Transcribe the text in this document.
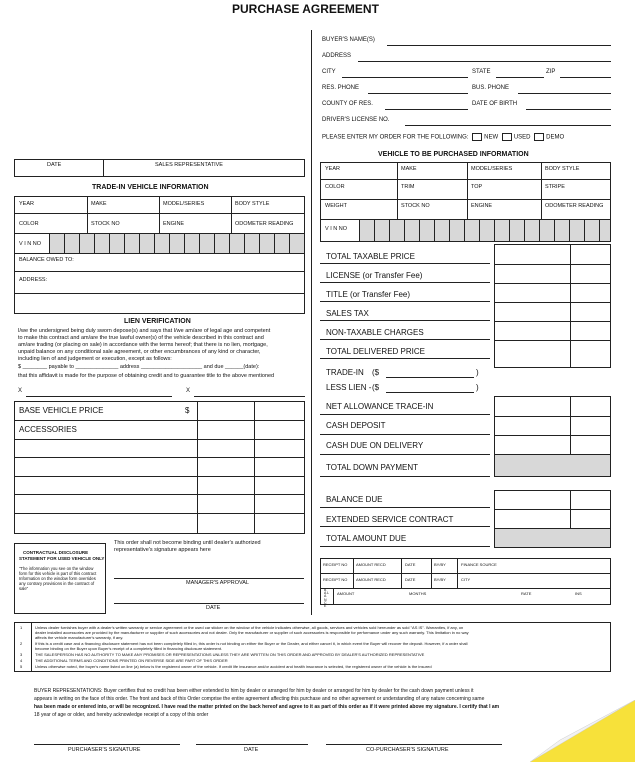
PURCHASE AGREEMENT
BUYER'S NAME(S)
ADDRESS
CITY	STATE	ZIP
RES. PHONE	BUS. PHONE
COUNTY OF RES.	DATE OF BIRTH
DRIVER'S LICENSE NO.
PLEASE ENTER MY ORDER FOR THE FOLLOWING:	NEW	USED	DEMO
DATE	SALES REPRESENTATIVE
VEHICLE TO BE PURCHASED INFORMATION
YEAR	MAKE	MODEL/SERIES	BODY STYLE
COLOR	TRIM	TOP	STRIPE
WEIGHT	STOCK NO	ENGINE	ODOMETER READING
V I N NO
TRADE-IN VEHICLE INFORMATION
YEAR	MAKE	MODEL/SERIES	BODY STYLE
COLOR	STOCK NO	ENGINE	ODOMETER READING
V I N NO
BALANCE OWED TO:
ADDRESS:
LIEN VERIFICATION
I/we the undersigned being duly sworn depose(s) and says that I/we am/are of legal age and competent
to make this contract and am/are the true lawful owner(s) of the vehicle described in this contract and
am/are trading (or placing on sale) in accordance with the terms hereof; that there is no lien, mortgage,
unpaid balance on any conditional sale agreement, or other encumbrances of any kind or character,
including lien of and judgement or execution, except as follows:
$ ________ payable to ______________ address ____________________ and due ______(date):
that this affidavit is made for the purpose of obtaining credit and to guarantee title to the above mentioned
X	X
BASE VEHICLE PRICE	$
ACCESSORIES
CONTRACTUAL DISCLOSURE
STATEMENT FOR USED VEHICLE ONLY
"The information you see on the window
form for this vehicle is part of this contract
Information on the window form overrides
any contrary provisions in the contract of
sale"
This order shall not become binding until dealer's authorized
representative's signature appears here
MANAGER'S APPROVAL
DATE
TOTAL TAXABLE PRICE
LICENSE (or Transfer Fee)
TITLE (or Transfer Fee)
SALES TAX
NON-TAXABLE CHARGES
TOTAL DELIVERED PRICE
TRADE-IN ($	)
LESS LIEN - ($	)
NET ALLOWANCE TRACE-IN
CASH DEPOSIT
CASH DUE ON DELIVERY
TOTAL DOWN PAYMENT
BALANCE DUE
EXTENDED SERVICE CONTRACT
TOTAL AMOUNT DUE
RECEIPT NO AMOUNT RECD	DATE	BY/BY	FINANCE SOURCE
RECEIPT NO AMOUNT RECD	DATE	BY/BY	CITY
AMOUNT	MONTHS	RATE	INS
B A L A N C E
1	Unless dealer furnishes buyer with a dealer's written warranty or service agreement or the used car sticker on the window of the vehicle indicates otherwise, all goods, services and vehicles sold hereunder as sold "AS IS". Warranties, if any, on
dealer installed accessories are provided by the manufacturer or supplier of such accessories and not dealer. Only the manufacturer or supplier of such accessories is responsible for performance under any such warranty. This limitation in no way
affects the vehicle manufacturer's warranty, if any.
2	If this is a credit case and a financing disclosure statement has not been completely filled in, this order is not binding on either the Buyer or the Dealer, and either cancel it, in which event the Buyer will recover the deposit. However, if a order shall
become binding on the Buyer upon Buyer's receipt of a completely filled in financing disclosure statement.
3	THE SALESPERSON HAS NO AUTHORITY TO MAKE ANY PROMISES OR REPRESENTATIONS UNLESS THEY ARE WRITTEN ON THIS ORDER AND APPROVED BY DEALER'S AUTHORIZED REPRESENTATIVE
4	THE ADDITIONAL TERMS AND CONDITIONS PRINTED ON REVERSE SIDE ARE PART OF THIS ORDER
5	Unless otherwise noted, the buyer's name listed on line (a) below is the registered owner of the vehicle. If credit life insurance and/or accident and health insurance is selected, the registered owner of the vehicle is the insured
BUYER REPRESENTATIONS: Buyer certifies that no credit has been either extended to him by dealer or arranged for him by dealer or arranged for him by dealer for the cash down payment unless it
appears in writing on the face of this order. The front and back of this Order comprise the entire agreement affecting this purchase and no other agreement or understanding of any nature concerning same
has been made or entered into, or will be recognized. I have read the matter printed on the back hereof and agree to it as part of this order as if it were printed above my signature. I certify that I am
18 year of age or older, and hereby acknowledge receipt of a copy of this order
PURCHASER'S SIGNATURE	DATE	CO-PURCHASER'S SIGNATURE
